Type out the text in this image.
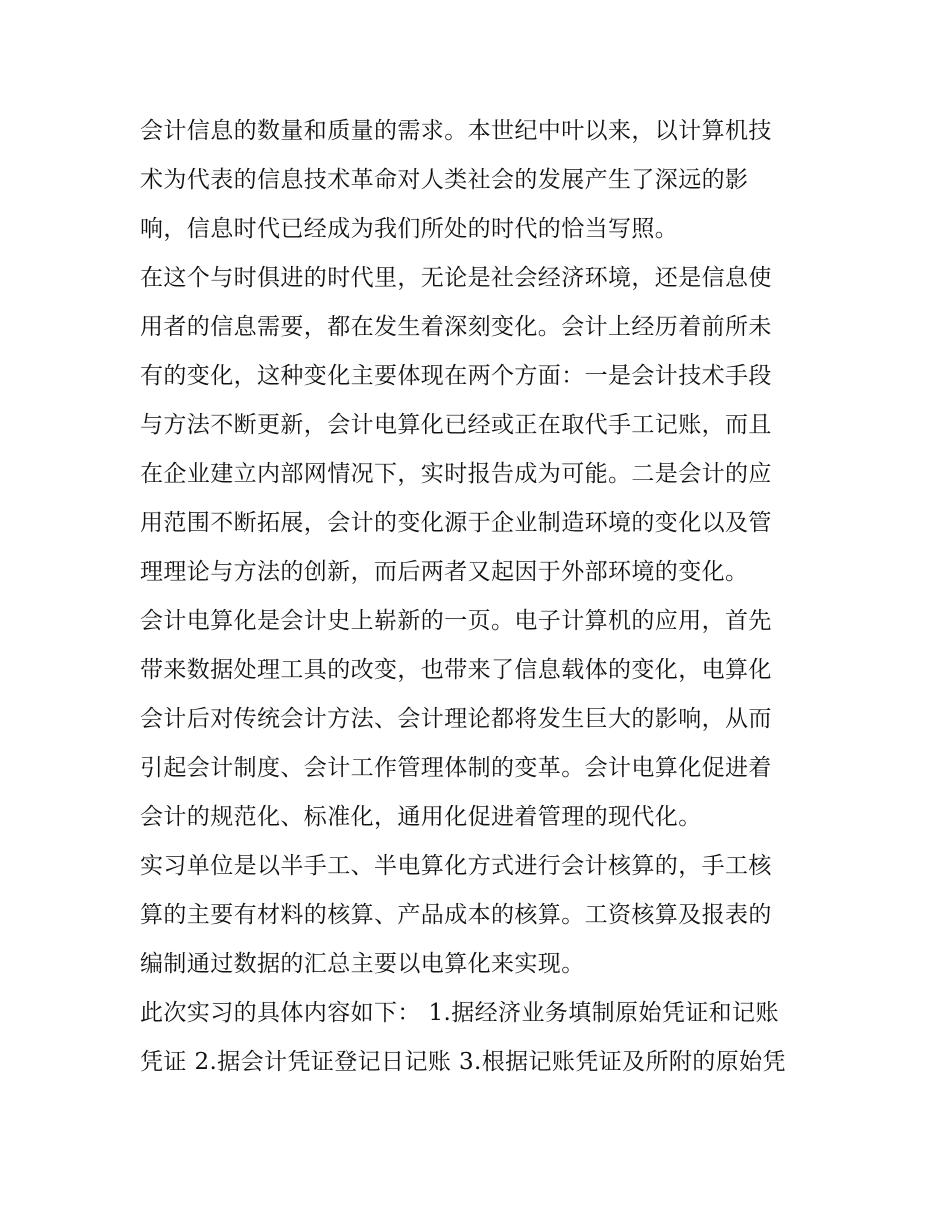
会计信息的数量和质量的需求。本世纪中叶以来，以计算机技
术为代表的信息技术革命对人类社会的发展产生了深远的影
响，信息时代已经成为我们所处的时代的恰当写照。
在这个与时俱进的时代里，无论是社会经济环境，还是信息使
用者的信息需要，都在发生着深刻变化。会计上经历着前所未
有的变化，这种变化主要体现在两个方面：一是会计技术手段
与方法不断更新，会计电算化已经或正在取代手工记账，而且
在企业建立内部网情况下，实时报告成为可能。二是会计的应
用范围不断拓展，会计的变化源于企业制造环境的变化以及管
理理论与方法的创新，而后两者又起因于外部环境的变化。
会计电算化是会计史上崭新的一页。电子计算机的应用，首先
带来数据处理工具的改变，也带来了信息载体的变化，电算化
会计后对传统会计方法、会计理论都将发生巨大的影响，从而
引起会计制度、会计工作管理体制的变革。会计电算化促进着
会计的规范化、标准化，通用化促进着管理的现代化。
实习单位是以半手工、半电算化方式进行会计核算的，手工核
算的主要有材料的核算、产品成本的核算。工资核算及报表的
编制通过数据的汇总主要以电算化来实现。
此次实习的具体内容如下： 1.据经济业务填制原始凭证和记账
凭证 2.据会计凭证登记日记账 3.根据记账凭证及所附的原始凭
